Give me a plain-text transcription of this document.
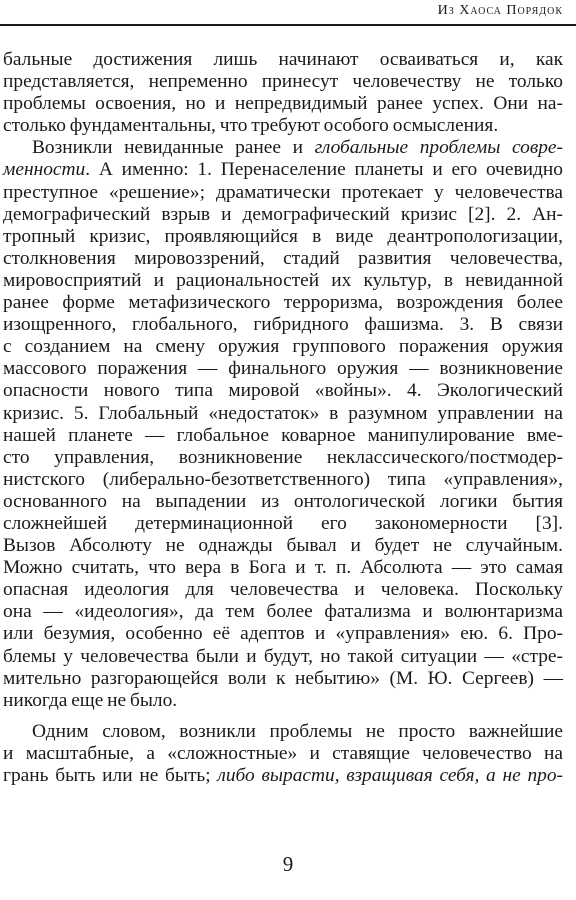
Из Хаоса Порядок
бальные достижения лишь начинают осваиваться и, как
представляется, непременно принесут человечеству не только
проблемы освоения, но и непредвидимый ранее успех. Они на-
столько фундаментальны, что требуют особого осмысления.
Возникли невиданные ранее и глобальные проблемы совре-
менности. А именно: 1. Перенаселение планеты и его очевидно
преступное «решение»; драматически протекает у человечества
демографический взрыв и демографический кризис [2]. 2. Ан-
тропный кризис, проявляющийся в виде деантропологизации,
столкновения мировоззрений, стадий развития человечества,
мировосприятий и рациональностей их культур, в невиданной
ранее форме метафизического терроризма, возрождения более
изощренного, глобального, гибридного фашизма. 3. В связи
с созданием на смену оружия группового поражения оружия
массового поражения — финального оружия — возникновение
опасности нового типа мировой «войны». 4. Экологический
кризис. 5. Глобальный «недостаток» в разумном управлении на
нашей планете — глобальное коварное манипулирование вме-
сто управления, возникновение неклассического/постмодер-
нистского (либерально-безответственного) типа «управления»,
основанного на выпадении из онтологической логики бытия
сложнейшей детерминационной его закономерности [3].
Вызов Абсолюту не однажды бывал и будет не случайным.
Можно считать, что вера в Бога и т. п. Абсолюта — это самая
опасная идеология для человечества и человека. Поскольку
она — «идеология», да тем более фатализма и волюнтаризма
или безумия, особенно её адептов и «управления» ею. 6. Про-
блемы у человечества были и будут, но такой ситуации — «стре-
мительно разгорающейся воли к небытию» (М. Ю. Сергеев) —
никогда еще не было.
Одним словом, возникли проблемы не просто важнейшие
и масштабные, а «сложностные» и ставящие человечество на
грань быть или не быть; либо вырасти, взращивая себя, а не про-
9
